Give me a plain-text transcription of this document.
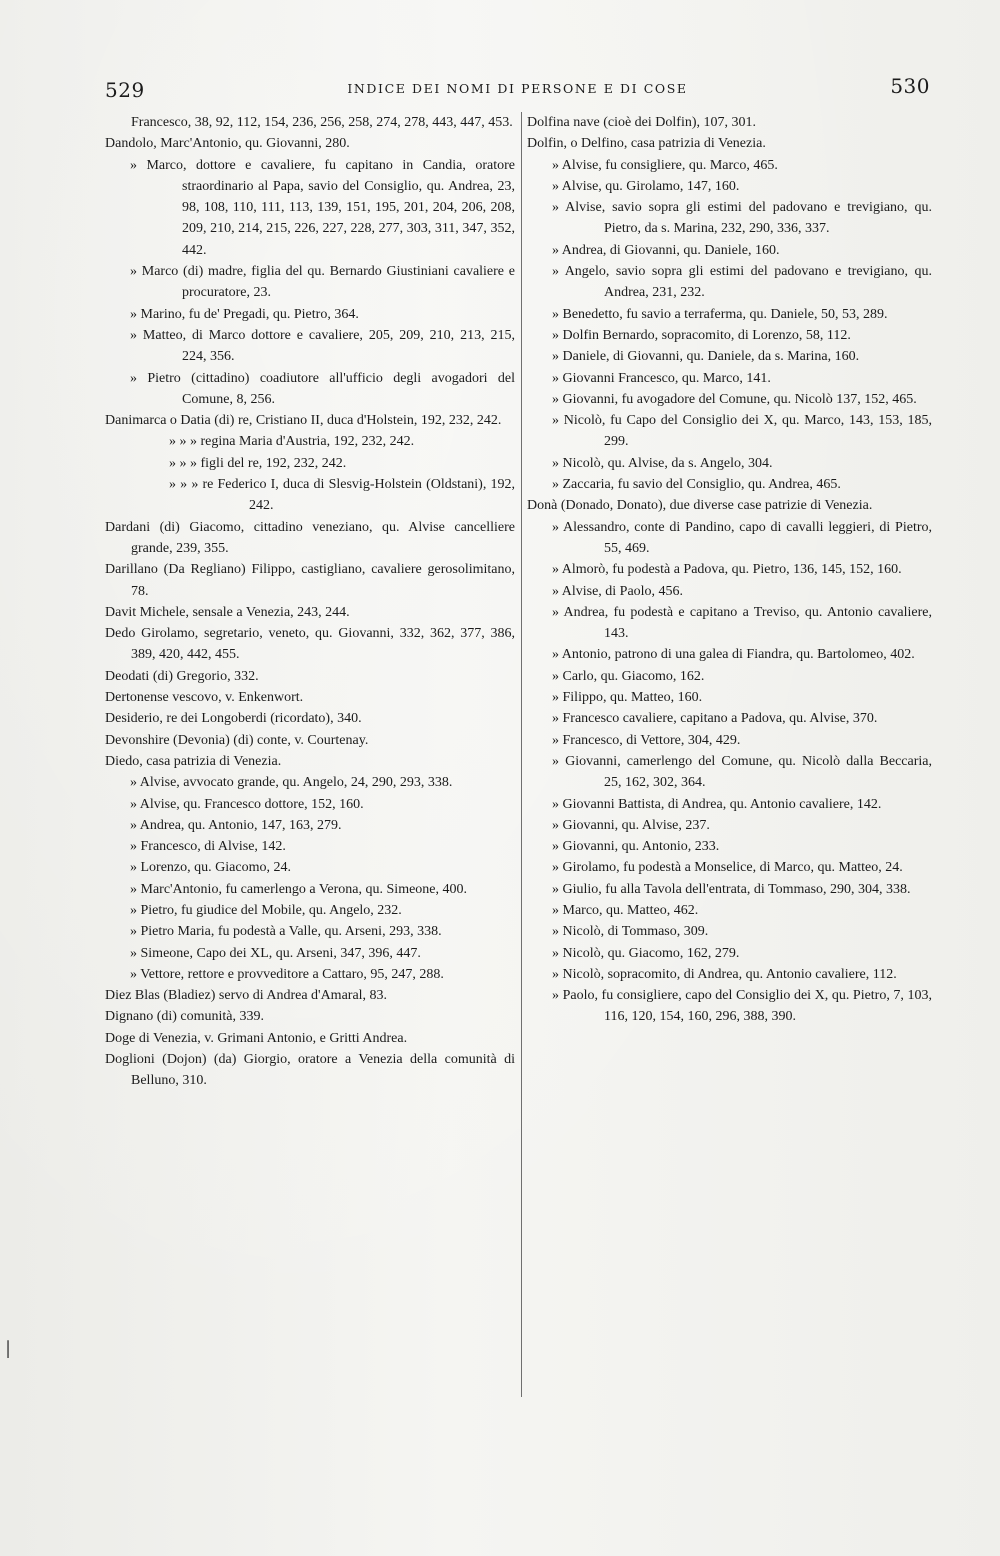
529	INDICE DEI NOMI DI PERSONE E DI COSE	530
Francesco, 38, 92, 112, 154, 236, 256, 258, 274, 278, 443, 447, 453.
Dandolo, Marc'Antonio, qu. Giovanni, 280.
» Marco, dottore e cavaliere, fu capitano in Candia, oratore straordinario al Papa, savio del Consiglio, qu. Andrea, 23, 98, 108, 110, 111, 113, 139, 151, 195, 201, 204, 206, 208, 209, 210, 214, 215, 226, 227, 228, 277, 303, 311, 347, 352, 442.
» Marco (di) madre, figlia del qu. Bernardo Giustiniani cavaliere e procuratore, 23.
» Marino, fu de' Pregadi, qu. Pietro, 364.
» Matteo, di Marco dottore e cavaliere, 205, 209, 210, 213, 215, 224, 356.
» Pietro (cittadino) coadiutore all'ufficio degli avogadori del Comune, 8, 256.
Danimarca o Datia (di) re, Cristiano II, duca d'Holstein, 192, 232, 242.
» » » regina Maria d'Austria, 192, 232, 242.
» » » figli del re, 192, 232, 242.
» » » re Federico I, duca di Slesvig-Holstein (Oldstani), 192, 242.
Dardani (di) Giacomo, cittadino veneziano, qu. Alvise cancelliere grande, 239, 355.
Darillano (Da Regliano) Filippo, castigliano, cavaliere gerosolimitano, 78.
Davit Michele, sensale a Venezia, 243, 244.
Dedo Girolamo, segretario, veneto, qu. Giovanni, 332, 362, 377, 386, 389, 420, 442, 455.
Deodati (di) Gregorio, 332.
Dertonense vescovo, v. Enkenwort.
Desiderio, re dei Longoberdi (ricordato), 340.
Devonshire (Devonia) (di) conte, v. Courtenay.
Diedo, casa patrizia di Venezia.
» Alvise, avvocato grande, qu. Angelo, 24, 290, 293, 338.
» Alvise, qu. Francesco dottore, 152, 160.
» Andrea, qu. Antonio, 147, 163, 279.
» Francesco, di Alvise, 142.
» Lorenzo, qu. Giacomo, 24.
» Marc'Antonio, fu camerlengo a Verona, qu. Simeone, 400.
» Pietro, fu giudice del Mobile, qu. Angelo, 232.
» Pietro Maria, fu podestà a Valle, qu. Arseni, 293, 338.
» Simeone, Capo dei XL, qu. Arseni, 347, 396, 447.
» Vettore, rettore e provveditore a Cattaro, 95, 247, 288.
Diez Blas (Bladiez) servo di Andrea d'Amaral, 83.
Dignano (di) comunità, 339.
Doge di Venezia, v. Grimani Antonio, e Gritti Andrea.
Doglioni (Dojon) (da) Giorgio, oratore a Venezia della comunità di Belluno, 310.
Dolfina nave (cioè dei Dolfin), 107, 301.
Dolfin, o Delfino, casa patrizia di Venezia.
» Alvise, fu consigliere, qu. Marco, 465.
» Alvise, qu. Girolamo, 147, 160.
» Alvise, savio sopra gli estimi del padovano e trevigiano, qu. Pietro, da s. Marina, 232, 290, 336, 337.
» Andrea, di Giovanni, qu. Daniele, 160.
» Angelo, savio sopra gli estimi del padovano e trevigiano, qu. Andrea, 231, 232.
» Benedetto, fu savio a terraferma, qu. Daniele, 50, 53, 289.
» Dolfin Bernardo, sopracomito, di Lorenzo, 58, 112.
» Daniele, di Giovanni, qu. Daniele, da s. Marina, 160.
» Giovanni Francesco, qu. Marco, 141.
» Giovanni, fu avogadore del Comune, qu. Nicolò 137, 152, 465.
» Nicolò, fu Capo del Consiglio dei X, qu. Marco, 143, 153, 185, 299.
» Nicolò, qu. Alvise, da s. Angelo, 304.
» Zaccaria, fu savio del Consiglio, qu. Andrea, 465.
Donà (Donado, Donato), due diverse case patrizie di Venezia.
» Alessandro, conte di Pandino, capo di cavalli leggieri, di Pietro, 55, 469.
» Almorò, fu podestà a Padova, qu. Pietro, 136, 145, 152, 160.
» Alvise, di Paolo, 456.
» Andrea, fu podestà e capitano a Treviso, qu. Antonio cavaliere, 143.
» Antonio, patrono di una galea di Fiandra, qu. Bartolomeo, 402.
» Carlo, qu. Giacomo, 162.
» Filippo, qu. Matteo, 160.
» Francesco cavaliere, capitano a Padova, qu. Alvise, 370.
» Francesco, di Vettore, 304, 429.
» Giovanni, camerlengo del Comune, qu. Nicolò dalla Beccaria, 25, 162, 302, 364.
» Giovanni Battista, di Andrea, qu. Antonio cavaliere, 142.
» Giovanni, qu. Alvise, 237.
» Giovanni, qu. Antonio, 233.
» Girolamo, fu podestà a Monselice, di Marco, qu. Matteo, 24.
» Giulio, fu alla Tavola dell'entrata, di Tommaso, 290, 304, 338.
» Marco, qu. Matteo, 462.
» Nicolò, di Tommaso, 309.
» Nicolò, qu. Giacomo, 162, 279.
» Nicolò, sopracomito, di Andrea, qu. Antonio cavaliere, 112.
» Paolo, fu consigliere, capo del Consiglio dei X, qu. Pietro, 7, 103, 116, 120, 154, 160, 296, 388, 390.
|
